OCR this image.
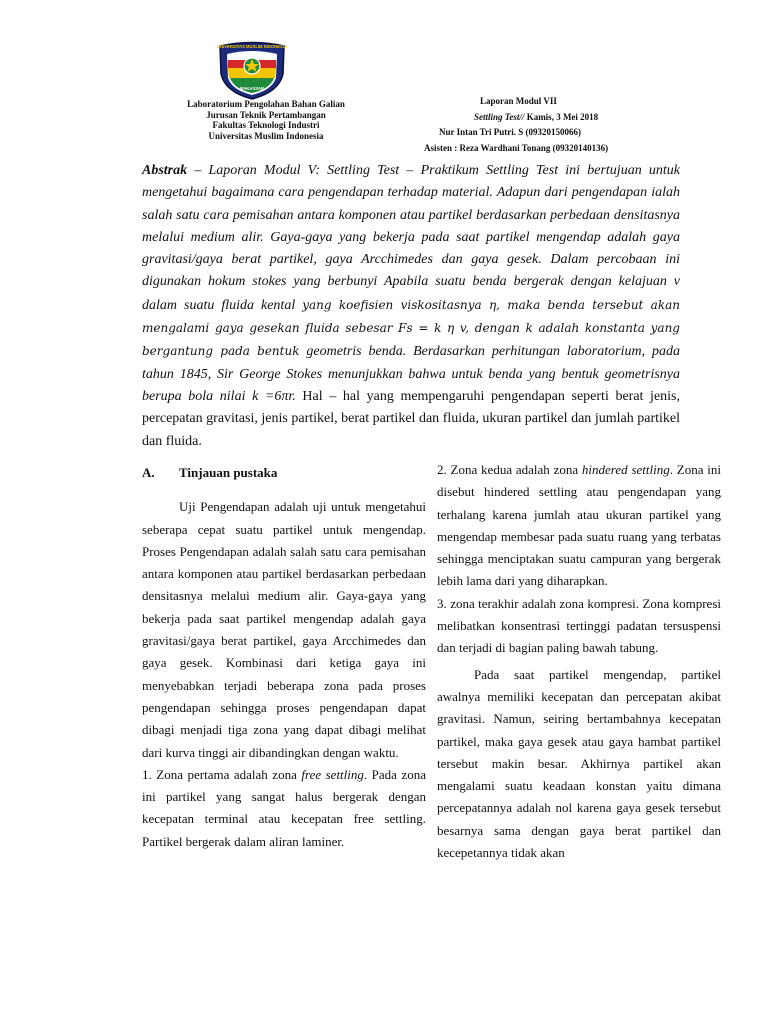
UNIVERSITAS MUSLIM INDONESIA
MAKASSAR
Laboratorium Pengolahan Bahan Galian
Jurusan Teknik Pertambangan
Fakultas Teknologi Industri
Universitas Muslim Indonesia
Laporan Modul VII
Settling Test// Kamis, 3 Mei 2018
Nur Intan Tri Putri. S (09320150066)
Asisten : Reza Wardhani Tonang (09320140136)

Abstrak – Laporan Modul V: Settling Test – Praktikum Settling Test ini bertujuan untuk mengetahui bagaimana cara pengendapan terhadap material. Adapun dari pengendapan ialah salah satu cara pemisahan antara komponen atau partikel berdasarkan perbedaan densitasnya melalui medium alir. Gaya-gaya yang bekerja pada saat partikel mengendap adalah gaya gravitasi/gaya berat partikel, gaya Arcchimedes dan gaya gesek. Dalam percobaan ini digunakan hokum stokes yang berbunyi Apabila suatu benda bergerak dengan kelajuan v dalam suatu fluida kental yang koefisien viskositasnya η, maka benda tersebut akan mengalami gaya gesekan fluida sebesar Fs = k η v, dengan k adalah konstanta yang bergantung pada bentuk geometris benda. Berdasarkan perhitungan laboratorium, pada tahun 1845, Sir George Stokes menunjukkan bahwa untuk benda yang bentuk geometrisnya berupa bola nilai k =6πr. Hal – hal yang mempengaruhi pengendapan seperti berat jenis, percepatan gravitasi, jenis partikel, berat partikel dan fluida, ukuran partikel dan jumlah partikel dan fluida.

A. Tinjauan pustaka

Uji Pengendapan adalah uji untuk mengetahui seberapa cepat suatu partikel untuk mengendap. Proses Pengendapan adalah salah satu cara pemisahan antara komponen atau partikel berdasarkan perbedaan densitasnya melalui medium alir. Gaya-gaya yang bekerja pada saat partikel mengendap adalah gaya gravitasi/gaya berat partikel, gaya Arcchimedes dan gaya gesek. Kombinasi dari ketiga gaya ini menyebabkan terjadi beberapa zona pada proses pengendapan sehingga proses pengendapan dapat dibagi menjadi tiga zona yang dapat dibagi melihat dari kurva tinggi air dibandingkan dengan waktu.

1. Zona pertama adalah zona free settling. Pada zona ini partikel yang sangat halus bergerak dengan kecepatan terminal atau kecepatan free settling. Partikel bergerak dalam aliran laminer.

2. Zona kedua adalah zona hindered settling. Zona ini disebut hindered settling atau pengendapan yang terhalang karena jumlah atau ukuran partikel yang mengendap membesar pada suatu ruang yang terbatas sehingga menciptakan suatu campuran yang bergerak lebih lama dari yang diharapkan.

3. zona terakhir adalah zona kompresi. Zona kompresi melibatkan konsentrasi tertinggi padatan tersuspensi dan terjadi di bagian paling bawah tabung.

Pada saat partikel mengendap, partikel awalnya memiliki kecepatan dan percepatan akibat gravitasi. Namun, seiring bertambahnya kecepatan partikel, maka gaya gesek atau gaya hambat partikel tersebut makin besar. Akhirnya partikel akan mengalami suatu keadaan konstan yaitu dimana percepatannya adalah nol karena gaya gesek tersebut besarnya sama dengan gaya berat partikel dan kecepetannya tidak akan
